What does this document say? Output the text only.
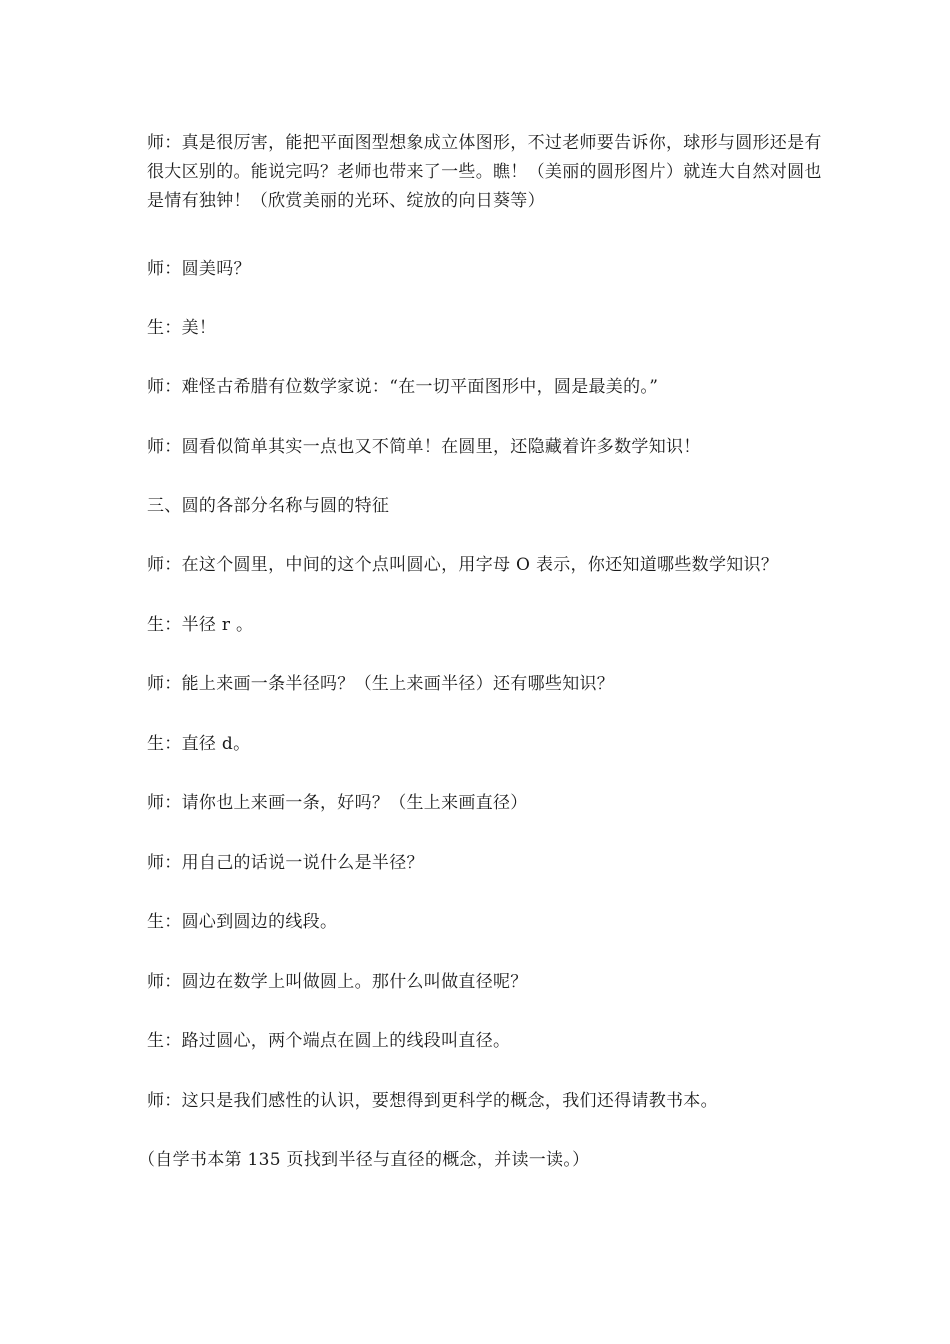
师：真是很厉害，能把平面图型想象成立体图形，不过老师要告诉你，球形与圆形还是有很大区别的。能说完吗？老师也带来了一些。瞧！（美丽的圆形图片）就连大自然对圆也是情有独钟！（欣赏美丽的光环、绽放的向日葵等）

师：圆美吗？

生：美！

师：难怪古希腊有位数学家说：“在一切平面图形中，圆是最美的。”

师：圆看似简单其实一点也又不简单！在圆里，还隐藏着许多数学知识！

三、圆的各部分名称与圆的特征

师：在这个圆里，中间的这个点叫圆心，用字母 O 表示，你还知道哪些数学知识？

生：半径 r 。

师：能上来画一条半径吗？（生上来画半径）还有哪些知识？

生：直径 d。

师：请你也上来画一条，好吗？（生上来画直径）

师：用自己的话说一说什么是半径？

生：圆心到圆边的线段。

师：圆边在数学上叫做圆上。那什么叫做直径呢？

生：路过圆心，两个端点在圆上的线段叫直径。

师：这只是我们感性的认识，要想得到更科学的概念，我们还得请教书本。

（自学书本第 135 页找到半径与直径的概念，并读一读。）
